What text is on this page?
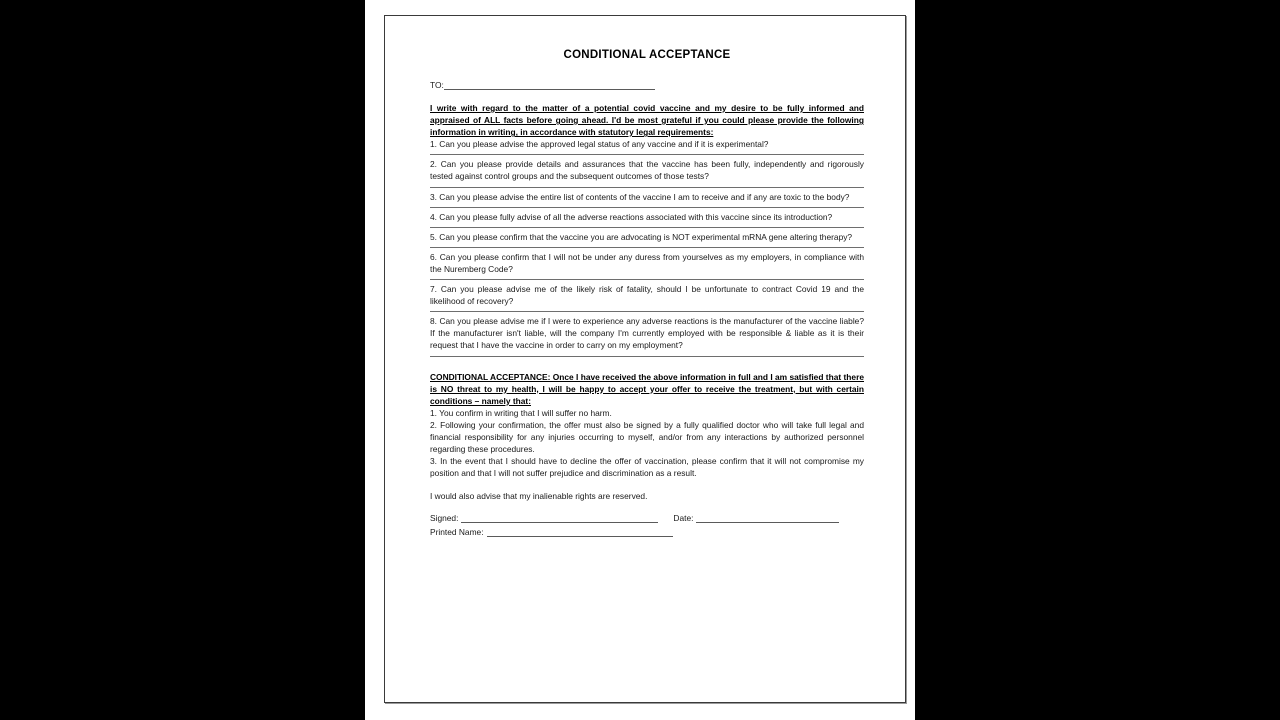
CONDITIONAL ACCEPTANCE
TO:

I write with regard to the matter of a potential covid vaccine and my desire to be fully informed and appraised of ALL facts before going ahead. I'd be most grateful if you could please provide the following information in writing, in accordance with statutory legal requirements:

1. Can you please advise the approved legal status of any vaccine and if it is experimental?

2. Can you please provide details and assurances that the vaccine has been fully, independently and rigorously tested against control groups and the subsequent outcomes of those tests?

3. Can you please advise the entire list of contents of the vaccine I am to receive and if any are toxic to the body?

4. Can you please fully advise of all the adverse reactions associated with this vaccine since its introduction?

5. Can you please confirm that the vaccine you are advocating is NOT experimental mRNA gene altering therapy?

6. Can you please confirm that I will not be under any duress from yourselves as my employers, in compliance with the Nuremberg Code?

7. Can you please advise me of the likely risk of fatality, should I be unfortunate to contract Covid 19 and the likelihood of recovery?

8. Can you please advise me if I were to experience any adverse reactions is the manufacturer of the vaccine liable? If the manufacturer isn't liable, will the company I'm currently employed with be responsible & liable as it is their request that I have the vaccine in order to carry on my employment?

CONDITIONAL ACCEPTANCE: Once I have received the above information in full and I am satisfied that there is NO threat to my health, I will be happy to accept your offer to receive the treatment, but with certain conditions – namely that:

1. You confirm in writing that I will suffer no harm.

2. Following your confirmation, the offer must also be signed by a fully qualified doctor who will take full legal and financial responsibility for any injuries occurring to myself, and/or from any interactions by authorized personnel regarding these procedures.

3. In the event that I should have to decline the offer of vaccination, please confirm that it will not compromise my position and that I will not suffer prejudice and discrimination as a result.

I would also advise that my inalienable rights are reserved.

Signed:	Date:
Printed Name:
